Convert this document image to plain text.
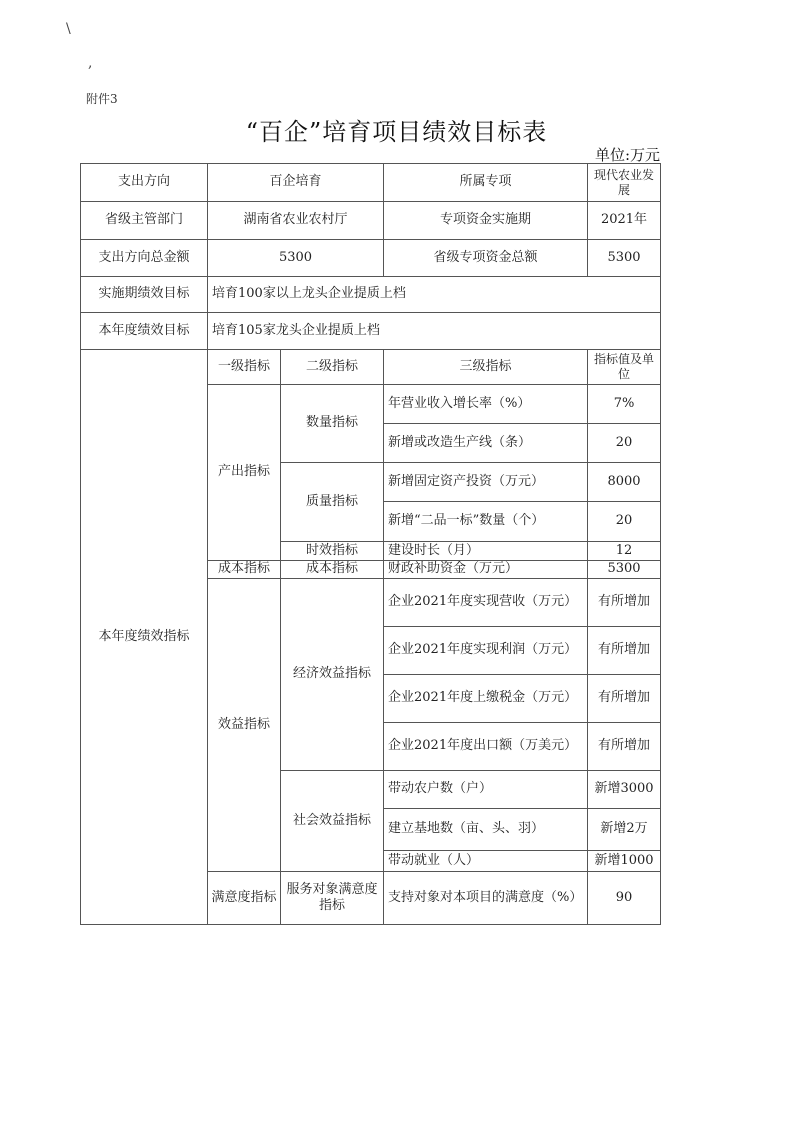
\
,
附件3
“百企”培育项目绩效目标表
单位:万元
支出方向	百企培育		所属专项	现代农业发展
省级主管部门	湖南省农业农村厅		专项资金实施期	2021年
支出方向总金额	5300		省级专项资金总额	5300
实施期绩效目标	培育100家以上龙头企业提质上档			
本年度绩效目标	培育105家龙头企业提质上档			
本年度绩效指标	一级指标	二级指标	三级指标	指标值及单位
	产出指标	数量指标	年营业收入增长率（%）	7%
			新增或改造生产线（条）	20
		质量指标	新增固定资产投资（万元）	8000
			新增“二品一标”数量（个）	20
		时效指标	建设时长（月）	12
	成本指标	成本指标	财政补助资金（万元）	5300
	效益指标	经济效益指标	企业2021年度实现营收（万元）	有所增加
			企业2021年度实现利润（万元）	有所增加
			企业2021年度上缴税金（万元）	有所增加
			企业2021年度出口额（万美元）	有所增加
		社会效益指标	带动农户数（户）	新增3000
			建立基地数（亩、头、羽）	新增2万
			带动就业（人）	新增1000
	满意度指标	服务对象满意度指标	支持对象对本项目的满意度（%）	90
